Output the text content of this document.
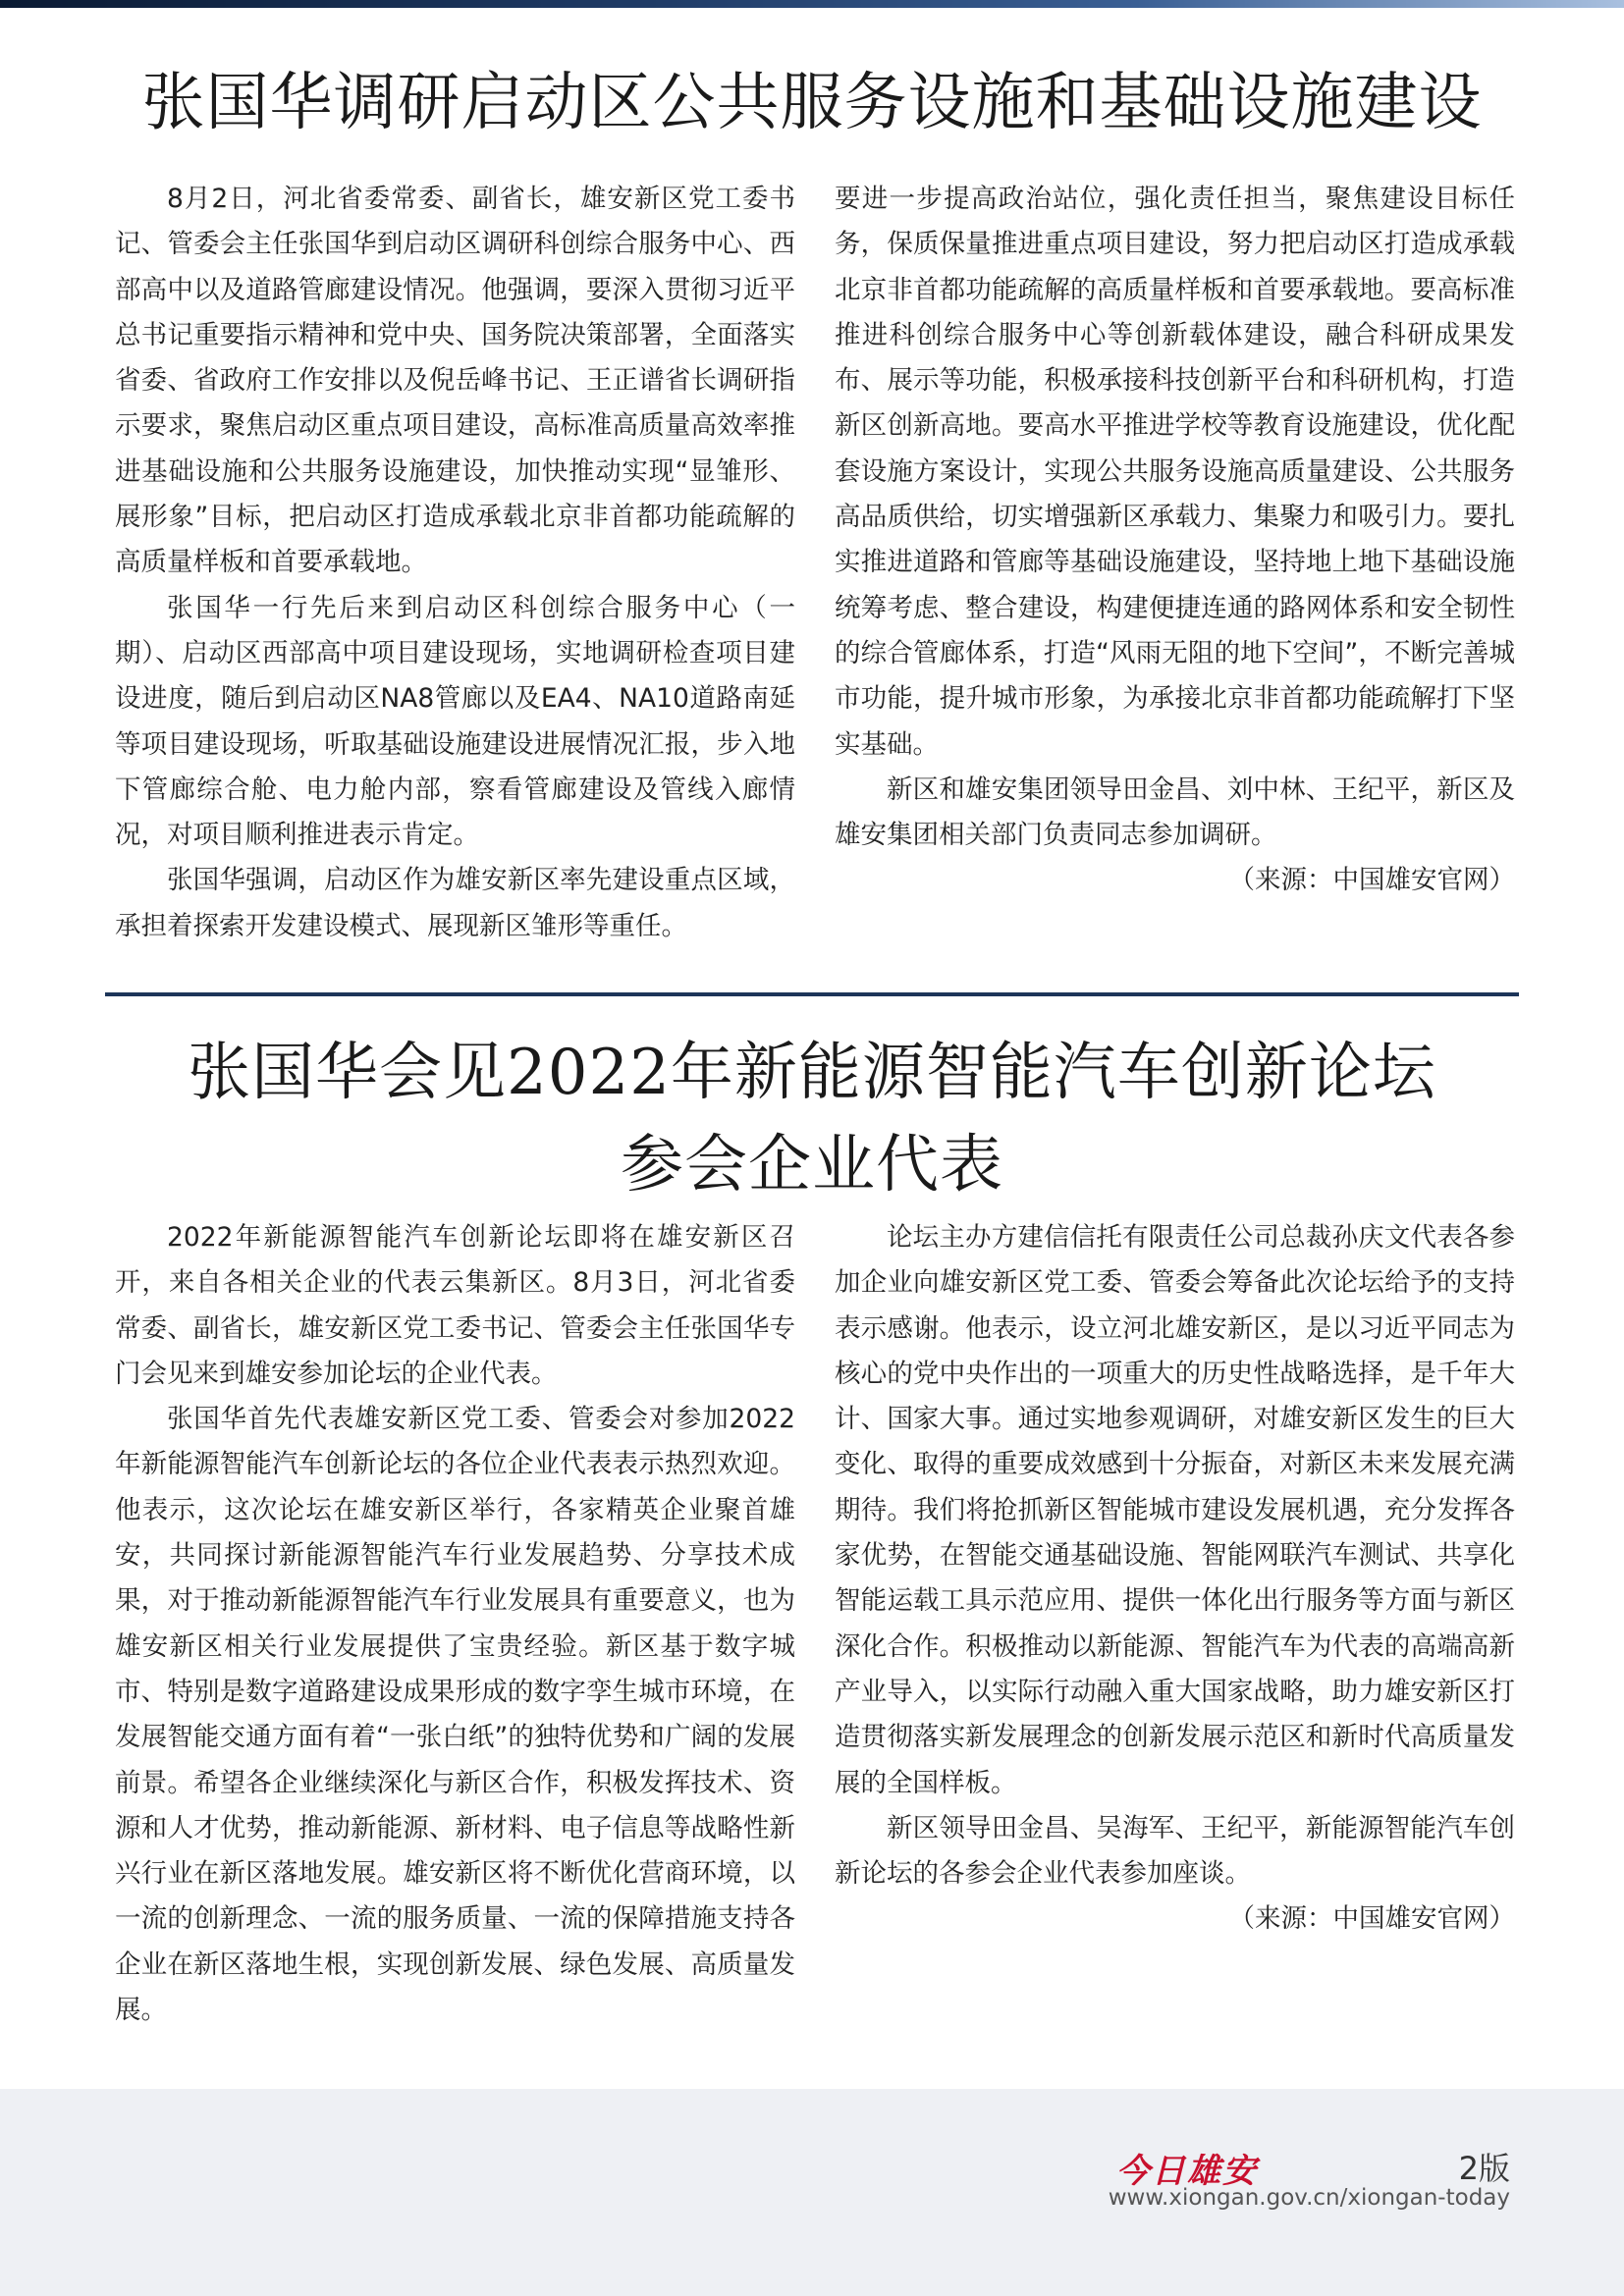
张国华调研启动区公共服务设施和基础设施建设

8月2日，河北省委常委、副省长，雄安新区党工委书记、管委会主任张国华到启动区调研科创综合服务中心、西部高中以及道路管廊建设情况。他强调，要深入贯彻习近平总书记重要指示精神和党中央、国务院决策部署，全面落实省委、省政府工作安排以及倪岳峰书记、王正谱省长调研指示要求，聚焦启动区重点项目建设，高标准高质量高效率推进基础设施和公共服务设施建设，加快推动实现“显雏形、展形象”目标，把启动区打造成承载北京非首都功能疏解的高质量样板和首要承载地。

张国华一行先后来到启动区科创综合服务中心（一期）、启动区西部高中项目建设现场，实地调研检查项目建设进度，随后到启动区NA8管廊以及EA4、NA10道路南延等项目建设现场，听取基础设施建设进展情况汇报，步入地下管廊综合舱、电力舱内部，察看管廊建设及管线入廊情况，对项目顺利推进表示肯定。

张国华强调，启动区作为雄安新区率先建设重点区域，承担着探索开发建设模式、展现新区雏形等重任。

要进一步提高政治站位，强化责任担当，聚焦建设目标任务，保质保量推进重点项目建设，努力把启动区打造成承载北京非首都功能疏解的高质量样板和首要承载地。要高标准推进科创综合服务中心等创新载体建设，融合科研成果发布、展示等功能，积极承接科技创新平台和科研机构，打造新区创新高地。要高水平推进学校等教育设施建设，优化配套设施方案设计，实现公共服务设施高质量建设、公共服务高品质供给，切实增强新区承载力、集聚力和吸引力。要扎实推进道路和管廊等基础设施建设，坚持地上地下基础设施统筹考虑、整合建设，构建便捷连通的路网体系和安全韧性的综合管廊体系，打造“风雨无阻的地下空间”，不断完善城市功能，提升城市形象，为承接北京非首都功能疏解打下坚实基础。

新区和雄安集团领导田金昌、刘中林、王纪平，新区及雄安集团相关部门负责同志参加调研。

（来源：中国雄安官网）

张国华会见2022年新能源智能汽车创新论坛
参会企业代表

2022年新能源智能汽车创新论坛即将在雄安新区召开，来自各相关企业的代表云集新区。8月3日，河北省委常委、副省长，雄安新区党工委书记、管委会主任张国华专门会见来到雄安参加论坛的企业代表。

张国华首先代表雄安新区党工委、管委会对参加2022年新能源智能汽车创新论坛的各位企业代表表示热烈欢迎。他表示，这次论坛在雄安新区举行，各家精英企业聚首雄安，共同探讨新能源智能汽车行业发展趋势、分享技术成果，对于推动新能源智能汽车行业发展具有重要意义，也为雄安新区相关行业发展提供了宝贵经验。新区基于数字城市、特别是数字道路建设成果形成的数字孪生城市环境，在发展智能交通方面有着“一张白纸”的独特优势和广阔的发展前景。希望各企业继续深化与新区合作，积极发挥技术、资源和人才优势，推动新能源、新材料、电子信息等战略性新兴行业在新区落地发展。雄安新区将不断优化营商环境，以一流的创新理念、一流的服务质量、一流的保障措施支持各企业在新区落地生根，实现创新发展、绿色发展、高质量发展。

论坛主办方建信信托有限责任公司总裁孙庆文代表各参加企业向雄安新区党工委、管委会筹备此次论坛给予的支持表示感谢。他表示，设立河北雄安新区，是以习近平同志为核心的党中央作出的一项重大的历史性战略选择，是千年大计、国家大事。通过实地参观调研，对雄安新区发生的巨大变化、取得的重要成效感到十分振奋，对新区未来发展充满期待。我们将抢抓新区智能城市建设发展机遇，充分发挥各家优势，在智能交通基础设施、智能网联汽车测试、共享化智能运载工具示范应用、提供一体化出行服务等方面与新区深化合作。积极推动以新能源、智能汽车为代表的高端高新产业导入，以实际行动融入重大国家战略，助力雄安新区打造贯彻落实新发展理念的创新发展示范区和新时代高质量发展的全国样板。

新区领导田金昌、吴海军、王纪平，新能源智能汽车创新论坛的各参会企业代表参加座谈。

（来源：中国雄安官网）

今日雄安	2版
www.xiongan.gov.cn/xiongan-today
